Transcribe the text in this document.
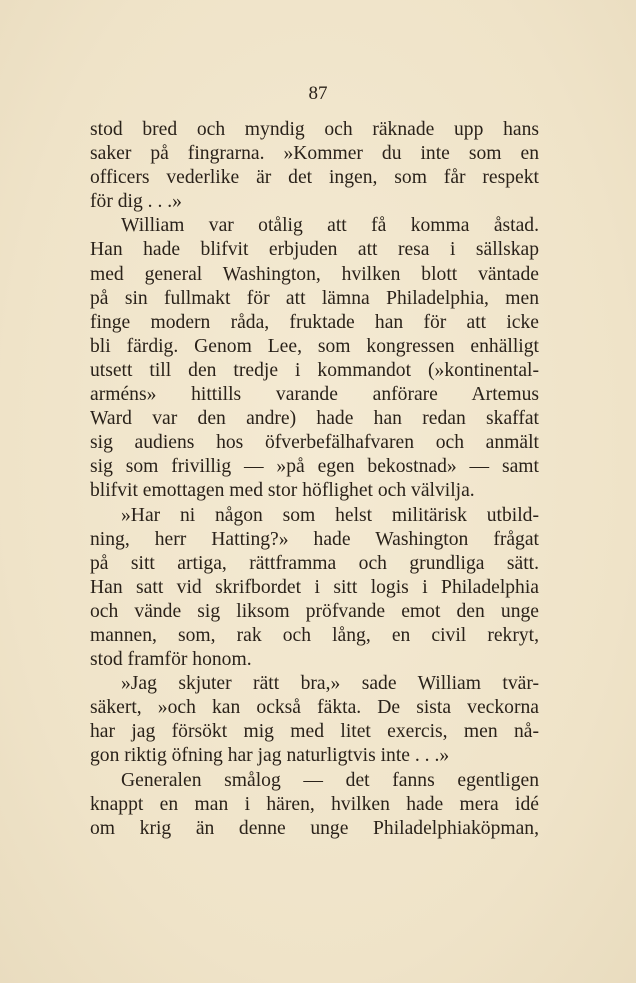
87
stod bred och myndig och räknade upp hans
saker på fingrarna. »Kommer du inte som en
officers vederlike är det ingen, som får respekt
för dig . . .»
William var otålig att få komma åstad.
Han hade blifvit erbjuden att resa i sällskap
med general Washington, hvilken blott väntade
på sin fullmakt för att lämna Philadelphia, men
finge modern råda, fruktade han för att icke
bli färdig. Genom Lee, som kongressen enhälligt
utsett till den tredje i kommandot (»kontinental-
arméns» hittills varande anförare Artemus
Ward var den andre) hade han redan skaffat
sig audiens hos öfverbefälhafvaren och anmält
sig som frivillig — »på egen bekostnad» — samt
blifvit emottagen med stor höflighet och välvilja.
»Har ni någon som helst militärisk utbild-
ning, herr Hatting?» hade Washington frågat
på sitt artiga, rättframma och grundliga sätt.
Han satt vid skrifbordet i sitt logis i Philadelphia
och vände sig liksom pröfvande emot den unge
mannen, som, rak och lång, en civil rekryt,
stod framför honom.
»Jag skjuter rätt bra,» sade William tvär-
säkert, »och kan också fäkta. De sista veckorna
har jag försökt mig med litet exercis, men nå-
gon riktig öfning har jag naturligtvis inte . . .»
Generalen smålog — det fanns egentligen
knappt en man i hären, hvilken hade mera idé
om krig än denne unge Philadelphiaköpman,
